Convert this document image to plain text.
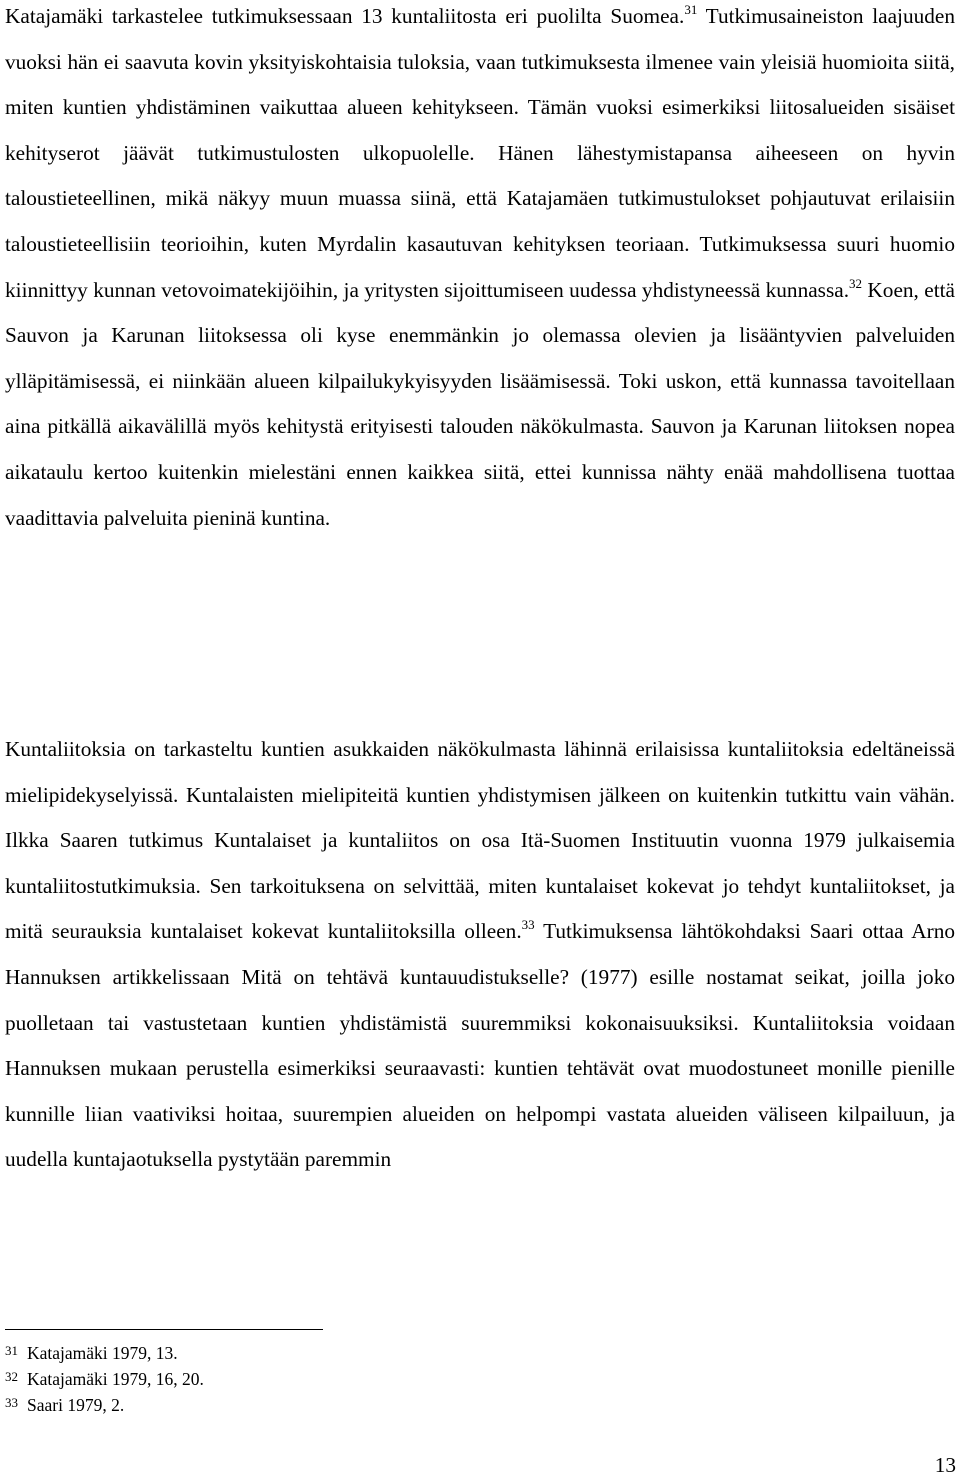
Katajamäki tarkastelee tutkimuksessaan 13 kuntaliitosta eri puolilta Suomea.$^{31}$ Tutkimusaineiston laajuuden vuoksi hän ei saavuta kovin yksityiskohtaisia tuloksia, vaan tutkimuksesta ilmenee vain yleisiä huomioita siitä, miten kuntien yhdistäminen vaikuttaa alueen kehitykseen. Tämän vuoksi esimerkiksi liitosalueiden sisäiset kehityserot jäävät tutkimustulosten ulkopuolelle. Hänen lähestymistapansa aiheeseen on hyvin taloustieteellinen, mikä näkyy muun muassa siinä, että Katajamäen tutkimustulokset pohjautuvat erilaisiin taloustieteellisiin teorioihin, kuten Myrdalin kasautuvan kehityksen teoriaan. Tutkimuksessa suuri huomio kiinnittyy kunnan vetovoimatekijöihin, ja yritysten sijoittumiseen uudessa yhdistyneessä kunnassa.$^{32}$ Koen, että Sauvon ja Karunan liitoksessa oli kyse enemmänkin jo olemassa olevien ja lisääntyvien palveluiden ylläpitämisessä, ei niinkään alueen kilpailukykyisyyden lisäämisessä. Toki uskon, että kunnassa tavoitellaan aina pitkällä aikavälillä myös kehitystä erityisesti talouden näkökulmasta. Sauvon ja Karunan liitoksen nopea aikataulu kertoo kuitenkin mielestäni ennen kaikkea siitä, ettei kunnissa nähty enää mahdollisena tuottaa vaadittavia palveluita pieninä kuntina.

Kuntaliitoksia on tarkasteltu kuntien asukkaiden näkökulmasta lähinnä erilaisissa kuntaliitoksia edeltäneissä mielipidekyselyissä. Kuntalaisten mielipiteitä kuntien yhdistymisen jälkeen on kuitenkin tutkittu vain vähän. Ilkka Saaren tutkimus Kuntalaiset ja kuntaliitos on osa Itä-Suomen Instituutin vuonna 1979 julkaisemia kuntaliitostutkimuksia. Sen tarkoituksena on selvittää, miten kuntalaiset kokevat jo tehdyt kuntaliitokset, ja mitä seurauksia kuntalaiset kokevat kuntaliitoksilla olleen.$^{33}$ Tutkimuksensa lähtökohdaksi Saari ottaa Arno Hannuksen artikkelissaan Mitä on tehtävä kuntauudistukselle? (1977) esille nostamat seikat, joilla joko puolletaan tai vastustetaan kuntien yhdistämistä suuremmiksi kokonaisuuksiksi. Kuntaliitoksia voidaan Hannuksen mukaan perustella esimerkiksi seuraavasti: kuntien tehtävät ovat muodostuneet monille pienille kunnille liian vaativiksi hoitaa, suurempien alueiden on helpompi vastata alueiden väliseen kilpailuun, ja uudella kuntajaotuksella pystytään paremmin

31 Katajamäki 1979, 13.
32 Katajamäki 1979, 16, 20.
33 Saari 1979, 2.
13
